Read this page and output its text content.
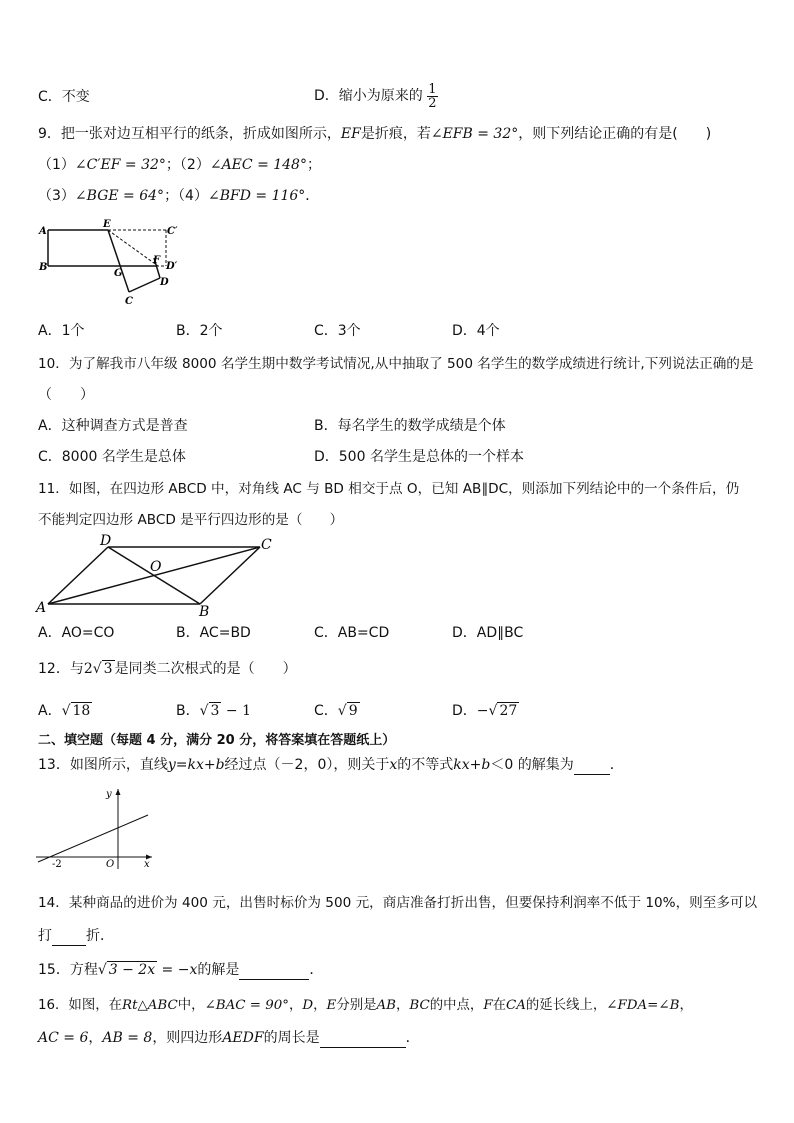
C．不变	D．缩小为原来的 $\frac{1}{2}$
9．把一张对边互相平行的纸条，折成如图所示，EF是折痕，若∠EFB = 32°，则下列结论正确的有是(　　)
（1）∠C′EF = 32°；（2）∠AEC = 148°；
（3）∠BGE = 64°；（4）∠BFD = 116°．
A
B
E
C′
D′
F
G
C
D
A．1个	B．2个	C．3个	D．4个
10．为了解我市八年级 8000 名学生期中数学考试情况,从中抽取了 500 名学生的数学成绩进行统计,下列说法正确的是
（　　）
A．这种调查方式是普查	B．每名学生的数学成绩是个体
C．8000 名学生是总体	D．500 名学生是总体的一个样本
11．如图，在四边形 ABCD 中，对角线 AC 与 BD 相交于点 O，已知 AB∥DC，则添加下列结论中的一个条件后，仍
不能判定四边形 ABCD 是平行四边形的是（　　）
A	B
C
D
O
A．AO=CO	B．AC=BD	C．AB=CD	D．AD∥BC
12．与2√ 3 是同类二次根式的是（　　）
A．√ 18	B．√ 3 − 1	C．√ 9	D．−√ 27
二、填空题（每题 4 分，满分 20 分，将答案填在答题纸上）
13．如图所示，直线y=kx+b经过点（－2，0），则关于x的不等式kx+b＜0 的解集为	．
y
x
O
-2
14．某种商品的进价为 400 元，出售时标价为 500 元，商店准备打折出售，但要保持利润率不低于 10%，则至多可以
打 折．
15．方程√ 3 − 2x = −x的解是	．
16．如图，在Rt△ABC中，∠BAC = 90°，D，E分别是AB，BC的中点，F在CA的延长线上，∠FDA=∠B，
AC = 6，AB = 8，则四边形AEDF的周长是	．
